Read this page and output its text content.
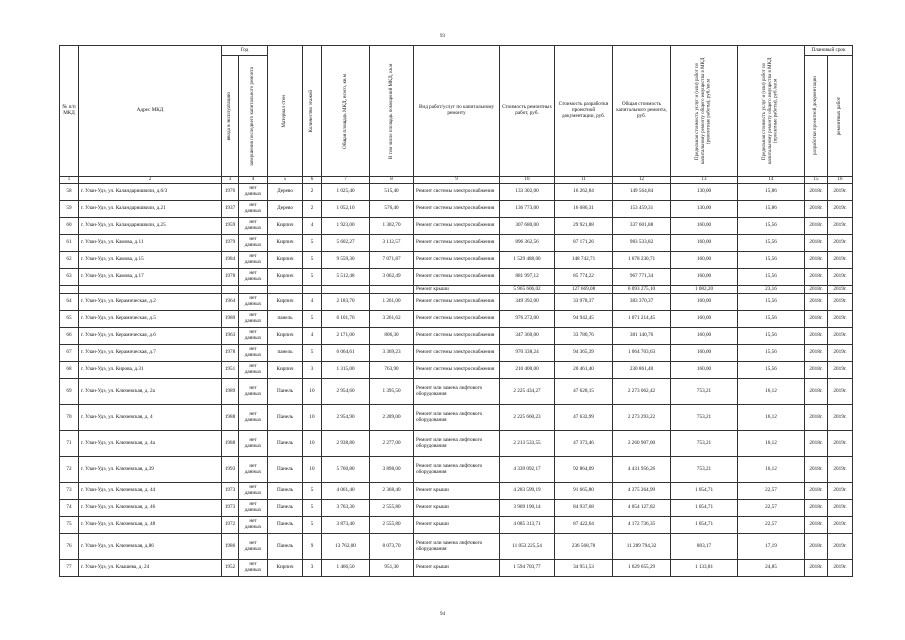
93
№ п/п МКД	Адрес МКД	Год		Материал стен	Количество этажей	Общая площадь МКД, всего, кв.м	В том числе площадь помещений МКД, кв.м	Вид работ/услуг по капитальному ремонту	Стоимость ремонтных работ, руб.	Стоимость разработки проектной документации, руб.	Общая стоимость капитального ремонта, руб.	Предельная стоимость услуг и (или) работ по капитальному ремонту общего имущества в МКД (ремонтные работы), руб./кв.м	Предельная стоимость услуг и (или) работ по капитальному ремонту общего имущества в МКД (проектные работы), руб./кв.м	Плановый срок	

		ввода в эксплуатацию	завершения последнего капитального ремонта											разработки проектной документации	ремонтных работ

1	2	3	4	5	6	7	8	9	10	11	12	13	14	15	16
58	г. Улан-Удэ, ул. Каландаришвили, д.6/3	1976	нет данных	Дерево	2	1 025,40	515,40	Ремонт системы электроснабжения	133 302,00	16 262,84	149 564,84	130,00	15,86	2018г.	2019г.
59	г. Улан-Удэ, ул. Каландаришвили, д.21	1937	нет данных	Дерево	2	1 052,10	576,40	Ремонт системы электроснабжения	136 773,00	16 686,31	153 459,31	130,00	15,86	2018г.	2019г.
60	г. Улан-Удэ, ул. Каландаришвили, д.25	1959	нет данных	Кирпич	4	1 923,00	1 302,70	Ремонт системы электроснабжения	307 680,00	29 921,88	337 601,88	160,00	15,56	2018г.	2019г.
61	г. Улан-Удэ, ул. Камова, д.11	1979	нет данных	Кирпич	5	5 602,27	3 112,57	Ремонт системы электроснабжения	896 362,56	87 171,26	983 533,82	160,00	15,56	2018г.	2019г.
62	г. Улан-Удэ, ул. Камова, д.15	1984	нет данных	Кирпич	5	9 559,30	7 071,87	Ремонт системы электроснабжения	1 529 488,00	148 742,71	1 678 230,71	160,00	15,56	2018г.	2019г.
63	г. Улан-Удэ, ул. Камова, д.17	1978	нет данных	Кирпич	5	5 512,48	3 062,49	Ремонт системы электроснабжения	881 997,12	85 774,22	967 771,34	160,00	15,56	2018г.	2019г.
								Ремонт крыши	5 965 606,02	127 669,08	6 093 275,10	1 082,20	23,16	2018г.	2019г.
64	г. Улан-Удэ, ул. Керамическая, д.2	1964	нет данных	Кирпич	4	2 183,70	1 261,00	Ремонт системы электроснабжения	349 392,00	33 978,37	383 370,37	160,00	15,56	2018г.	2019г.
65	г. Улан-Удэ, ул. Керамическая, д.5	1980	нет данных	панель	5	6 101,70	3 261,62	Ремонт системы электроснабжения	976 272,00	94 942,45	1 071 214,45	160,00	15,56	2018г.	2019г.
66	г. Улан-Удэ, ул. Керамическая, д.6	1963	нет данных	Кирпич	4	2 171,00	806,30	Ремонт системы электроснабжения	347 360,00	33 780,76	381 140,76	160,00	15,56	2018г.	2019г.
67	г. Улан-Удэ, ул. Керамическая, д.7	1978	нет данных	панель	5	6 064,61	3 369,23	Ремонт системы электроснабжения	970 338,24	94 365,39	1 064 703,63	160,00	15,56	2018г.	2019г.
68	г. Улан-Удэ, ул. Кирова, д.31	1951	нет данных	Кирпич	3	1 315,00	763,90	Ремонт системы электроснабжения	210 400,00	20 461,40	230 861,40	160,00	15,56	2018г.	2019г.
69	г. Улан-Удэ, ул. Ключевская, д. 2а	1989	нет данных	Панель	10	2 954,60	1 395,50	Ремонт или замена лифтового оборудования	2 225 434,27	47 628,15	2 273 062,42	753,21	16,12	2018г.	2019г.
70	г. Улан-Удэ, ул. Ключевская, д. 4	1988	нет данных	Панель	10	2 954,90	2 289,00	Ремонт или замена лифтового оборудования	2 225 660,23	47 632,99	2 273 293,22	753,21	16,12	2018г.	2019г.
71	г. Улан-Удэ, ул. Ключевская, д. 4а	1988	нет данных	Панель	10	2 938,80	2 277,00	Ремонт или замена лифтового оборудования	2 213 533,55	47 373,46	2 260 907,00	753,21	16,12	2018г.	2019г.
72	г. Улан-Удэ, ул. Ключевская, д.39	1993	нет данных	Панель	10	5 760,80	3 898,00	Ремонт или замена лифтового оборудования	4 339 092,17	92 864,09	4 431 956,26	753,21	16,12	2018г.	2019г.
73	г. Улан-Удэ, ул. Ключевская, д. 44	1973	нет данных	Панель	5	4 061,40	2 368,40	Ремонт крыши	4 283 599,19	91 665,80	4 375 264,99	1 054,71	22,57	2018г.	2019г.
74	г. Улан-Удэ, ул. Ключевская, д. 46	1973	нет данных	Панель	5	3 763,30	2 555,80	Ремонт крыши	3 969 190,14	84 937,68	4 054 127,82	1 054,71	22,57	2018г.	2019г.
75	г. Улан-Удэ, ул. Ключевская, д. 48	1972	нет данных	Панель	5	3 873,40	2 555,80	Ремонт крыши	4 085 313,71	87 422,64	4 172 736,35	1 054,71	22,57	2018г.	2019г.
76	г. Улан-Удэ, ул. Ключевская, д.86	1986	нет данных	Панель	9	13 762,00	8 073,70	Ремонт или замена лифтового оборудования	11 053 225,54	236 568,78	11 289 794,32	803,17	17,19	2018г.	2019г.
77	г. Улан-Удэ, ул. Клышева, д. 24	1952	нет данных	Кирпич	3	1 466,50	951,30	Ремонт крыши	1 594 703,77	34 951,53	1 629 655,29	1 133,81	24,85	2018г.	2019г.
94
